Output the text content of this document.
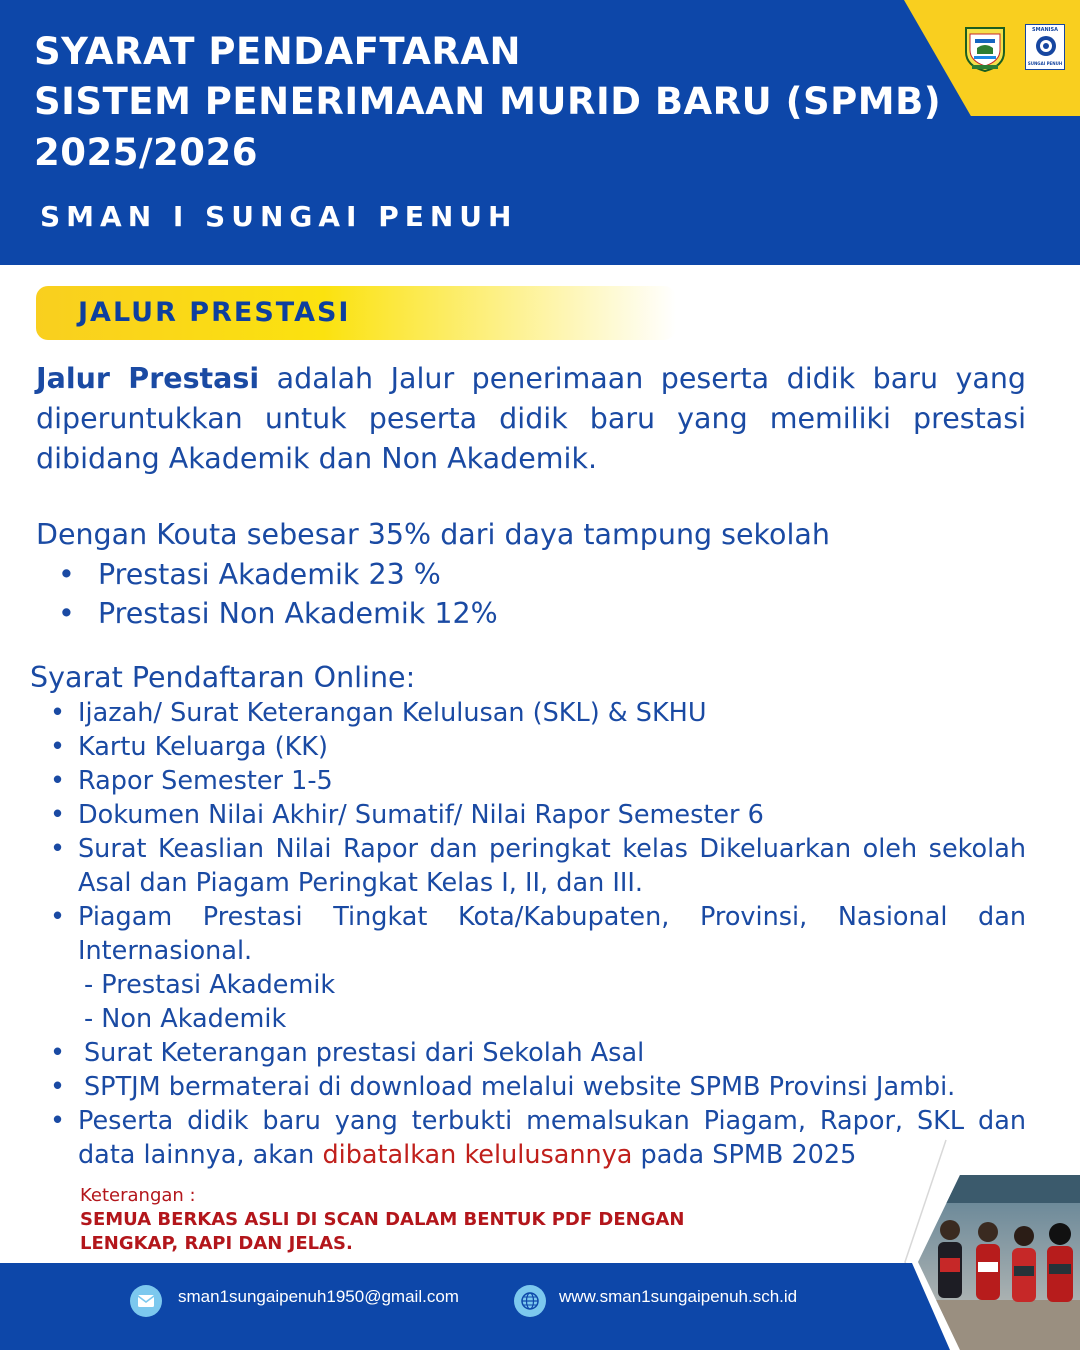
SYARAT PENDAFTARAN
SISTEM PENERIMAAN MURID BARU (SPMB)
2025/2026
SMAN I SUNGAI PENUH
SMANISA
SUNGAI PENUH
JALUR PRESTASI

Jalur Prestasi adalah Jalur penerimaan peserta didik baru yang diperuntukkan untuk peserta didik baru yang memiliki prestasi dibidang Akademik dan Non Akademik.

Dengan Kouta sebesar 35% dari daya tampung sekolah
• Prestasi Akademik 23 %
• Prestasi Non Akademik 12%
Syarat Pendaftaran Online:
• Ijazah/ Surat Keterangan Kelulusan (SKL) & SKHU
• Kartu Keluarga (KK)
• Rapor Semester 1-5
• Dokumen Nilai Akhir/ Sumatif/ Nilai Rapor Semester 6
• Surat Keaslian Nilai Rapor dan peringkat kelas Dikeluarkan oleh sekolah Asal dan Piagam Peringkat Kelas I, II, dan III.
• Piagam Prestasi Tingkat Kota/Kabupaten, Provinsi, Nasional dan Internasional.
- Prestasi Akademik
- Non Akademik
• Surat Keterangan prestasi dari Sekolah Asal
• SPTJM bermaterai di download melalui website SPMB Provinsi Jambi.
• Peserta didik baru yang terbukti memalsukan Piagam, Rapor, SKL dan data lainnya, akan dibatalkan kelulusannya pada SPMB 2025
Keterangan :
SEMUA BERKAS ASLI DI SCAN DALAM BENTUK PDF DENGAN
LENGKAP, RAPI DAN JELAS.
sman1sungaipenuh1950@gmail.com	www.sman1sungaipenuh.sch.id
